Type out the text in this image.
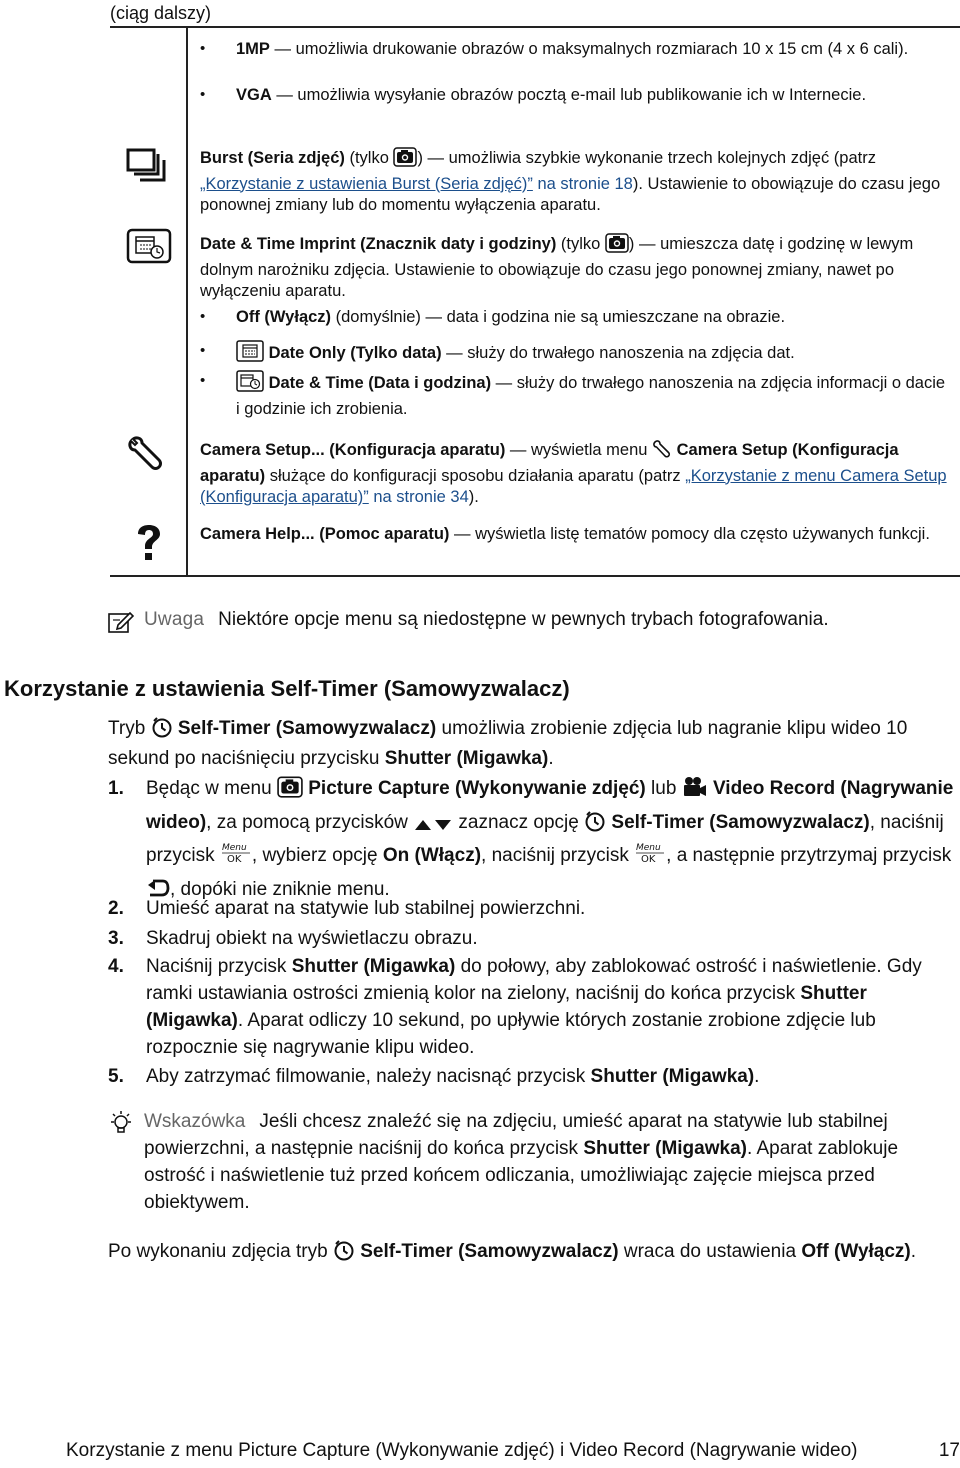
(ciąg dalszy)
• 1MP — umożliwia drukowanie obrazów o maksymalnych rozmiarach 10 x 15 cm (4 x 6 cali).
• VGA — umożliwia wysyłanie obrazów pocztą e-mail lub publikowanie ich w Internecie.
Burst (Seria zdjęć) (tylko ) — umożliwia szybkie wykonanie trzech kolejnych zdjęć (patrz „Korzystanie z ustawienia Burst (Seria zdjęć)” na stronie 18). Ustawienie to obowiązuje do czasu jego ponownej zmiany lub do momentu wyłączenia aparatu.
Date & Time Imprint (Znacznik daty i godziny) (tylko ) — umieszcza datę i godzinę w lewym dolnym narożniku zdjęcia. Ustawienie to obowiązuje do czasu jego ponownej zmiany, nawet po wyłączeniu aparatu.
• Off (Wyłącz) (domyślnie) — data i godzina nie są umieszczane na obrazie.
• Date Only (Tylko data) — służy do trwałego nanoszenia na zdjęcia dat.
• Date & Time (Data i godzina) — służy do trwałego nanoszenia na zdjęcia informacji o dacie i godzinie ich zrobienia.
Camera Setup... (Konfiguracja aparatu) — wyświetla menu  Camera Setup (Konfiguracja aparatu) służące do konfiguracji sposobu działania aparatu (patrz „Korzystanie z menu Camera Setup (Konfiguracja aparatu)” na stronie 34).
Camera Help... (Pomoc aparatu) — wyświetla listę tematów pomocy dla często używanych funkcji.
Uwaga Niektóre opcje menu są niedostępne w pewnych trybach fotografowania.
Korzystanie z ustawienia Self-Timer (Samowyzwalacz)
Tryb  Self-Timer (Samowyzwalacz) umożliwia zrobienie zdjęcia lub nagranie klipu wideo 10 sekund po naciśnięciu przycisku Shutter (Migawka).
1. Będąc w menu  Picture Capture (Wykonywanie zdjęć) lub  Video Record (Nagrywanie wideo), za pomocą przycisków  zaznacz opcję  Self-Timer (Samowyzwalacz), naciśnij przycisk Menu
OK , wybierz opcję On (Włącz), naciśnij przycisk Menu
OK , a następnie przytrzymaj przycisk , dopóki nie zniknie menu.
2. Umieść aparat na statywie lub stabilnej powierzchni.
3. Skadruj obiekt na wyświetlaczu obrazu.
4. Naciśnij przycisk Shutter (Migawka) do połowy, aby zablokować ostrość i naświetlenie. Gdy ramki ustawiania ostrości zmienią kolor na zielony, naciśnij do końca przycisk Shutter (Migawka). Aparat odliczy 10 sekund, po upływie których zostanie zrobione zdjęcie lub rozpocznie się nagrywanie klipu wideo.
5. Aby zatrzymać filmowanie, należy nacisnąć przycisk Shutter (Migawka).
Wskazówka Jeśli chcesz znaleźć się na zdjęciu, umieść aparat na statywie lub stabilnej powierzchni, a następnie naciśnij do końca przycisk Shutter (Migawka). Aparat zablokuje ostrość i naświetlenie tuż przed końcem odliczania, umożliwiając zajęcie miejsca przed obiektywem.
Po wykonaniu zdjęcia tryb  Self-Timer (Samowyzwalacz) wraca do ustawienia Off (Wyłącz).
Korzystanie z menu Picture Capture (Wykonywanie zdjęć) i Video Record (Nagrywanie wideo)	17
